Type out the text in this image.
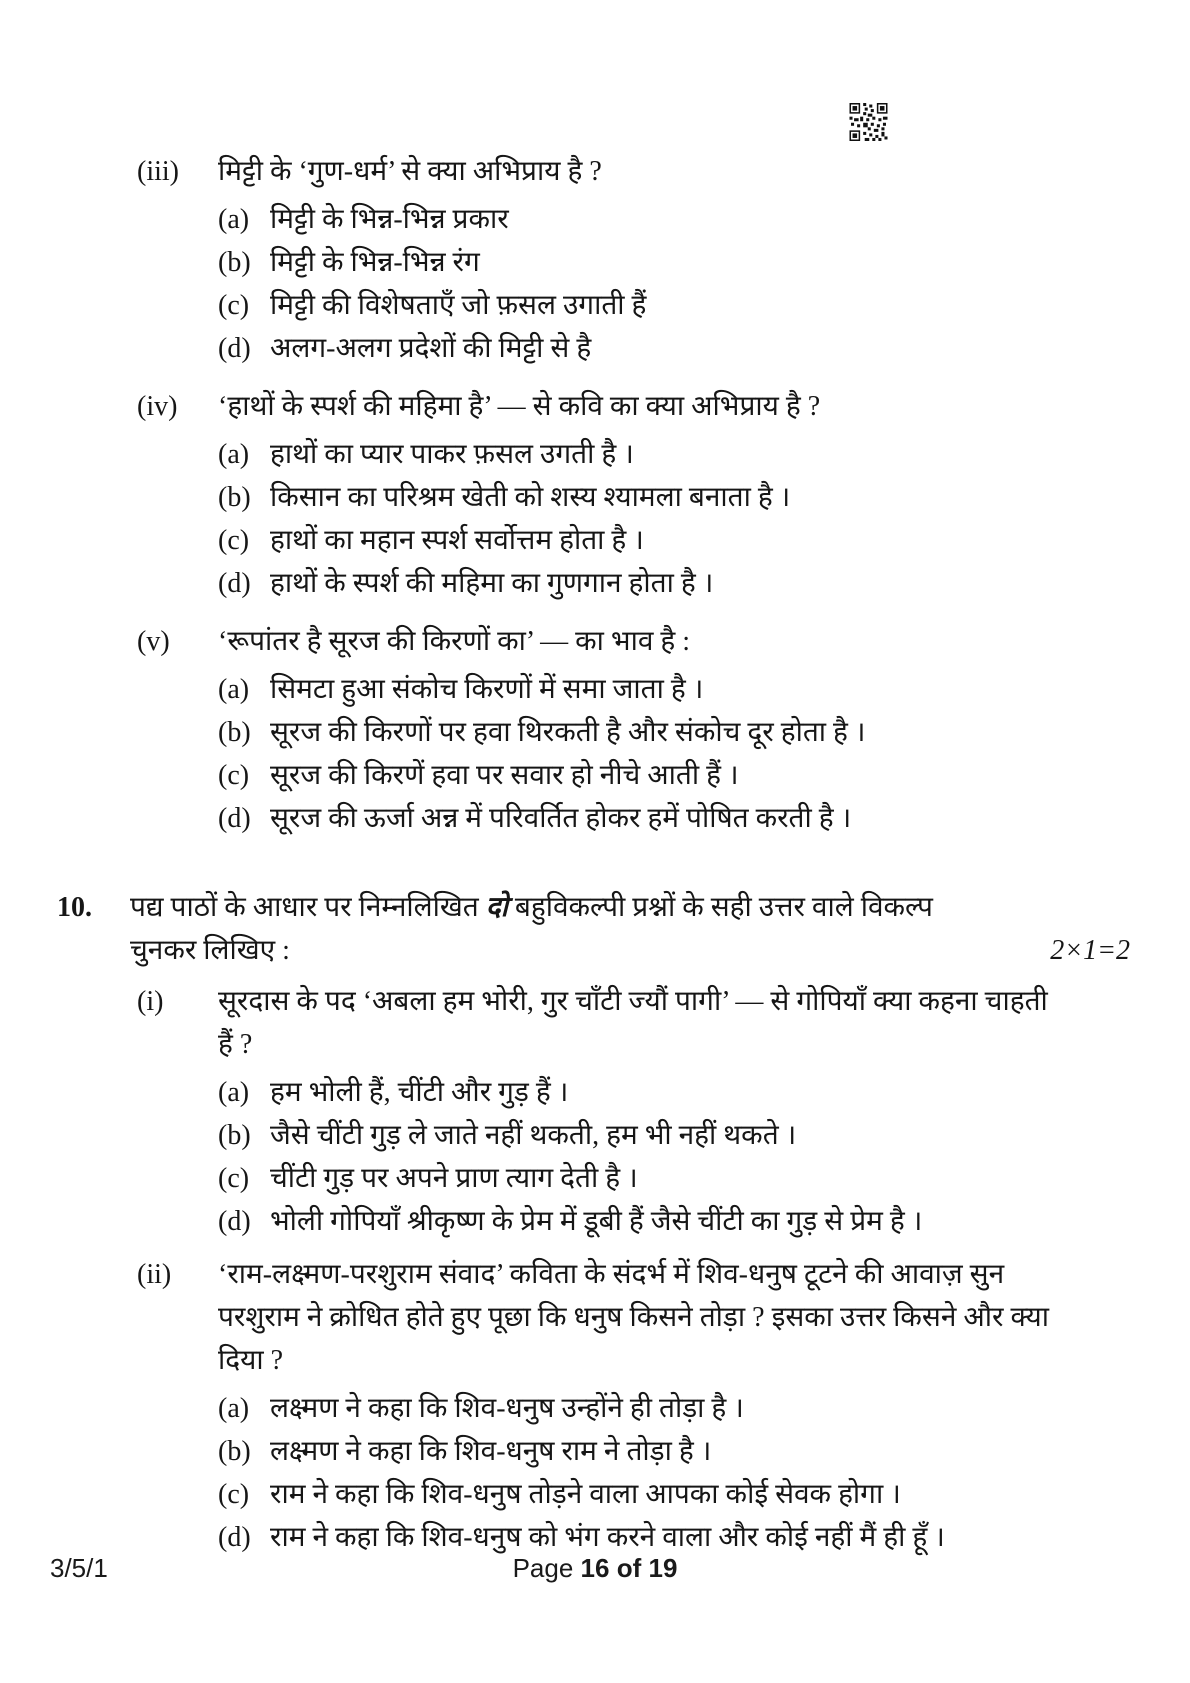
(iii)	मिट्टी के ‘गुण-धर्म’ से क्या अभिप्राय है ?
(a) मिट्टी के भिन्न-भिन्न प्रकार
(b) मिट्टी के भिन्न-भिन्न रंग
(c) मिट्टी की विशेषताएँ जो फ़सल उगाती हैं
(d) अलग-अलग प्रदेशों की मिट्टी से है
(iv)	‘हाथों के स्पर्श की महिमा है’ — से कवि का क्या अभिप्राय है ?
(a) हाथों का प्यार पाकर फ़सल उगती है ।
(b) किसान का परिश्रम खेती को शस्य श्यामला बनाता है ।
(c) हाथों का महान स्पर्श सर्वोत्तम होता है ।
(d) हाथों के स्पर्श की महिमा का गुणगान होता है ।
(v)	‘रूपांतर है सूरज की किरणों का’ — का भाव है :
(a) सिमटा हुआ संकोच किरणों में समा जाता है ।
(b) सूरज की किरणों पर हवा थिरकती है और संकोच दूर होता है ।
(c) सूरज की किरणें हवा पर सवार हो नीचे आती हैं ।
(d) सूरज की ऊर्जा अन्न में परिवर्तित होकर हमें पोषित करती है ।
10.	पद्य पाठों के आधार पर निम्नलिखित दो बहुविकल्पी प्रश्नों के सही उत्तर वाले विकल्प
चुनकर लिखिए :	2×1=2
(i)	सूरदास के पद ‘अबला हम भोरी, गुर चाँटी ज्यौं पागी’ — से गोपियाँ क्या कहना चाहती हैं ?
(a) हम भोली हैं, चींटी और गुड़ हैं ।
(b) जैसे चींटी गुड़ ले जाते नहीं थकती, हम भी नहीं थकते ।
(c) चींटी गुड़ पर अपने प्राण त्याग देती है ।
(d) भोली गोपियाँ श्रीकृष्ण के प्रेम में डूबी हैं जैसे चींटी का गुड़ से प्रेम है ।
(ii)	‘राम-लक्ष्मण-परशुराम संवाद’ कविता के संदर्भ में शिव-धनुष टूटने की आवाज़ सुन परशुराम ने क्रोधित होते हुए पूछा कि धनुष किसने तोड़ा ? इसका उत्तर किसने और क्या दिया ?
(a) लक्ष्मण ने कहा कि शिव-धनुष उन्होंने ही तोड़ा है ।
(b) लक्ष्मण ने कहा कि शिव-धनुष राम ने तोड़ा है ।
(c) राम ने कहा कि शिव-धनुष तोड़ने वाला आपका कोई सेवक होगा ।
(d) राम ने कहा कि शिव-धनुष को भंग करने वाला और कोई नहीं मैं ही हूँ ।
3/5/1	Page 16 of 19
